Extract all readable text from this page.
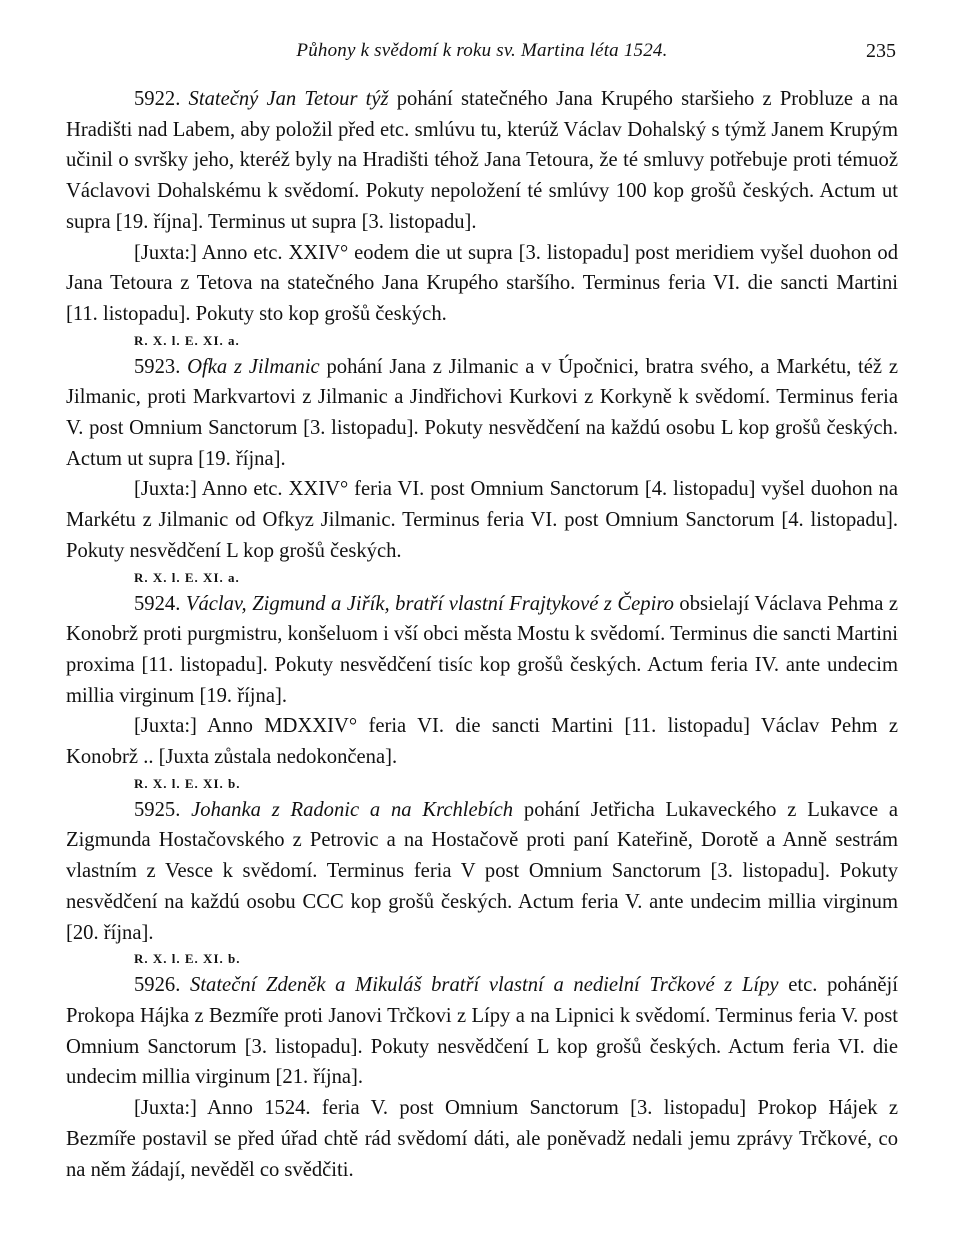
Půhony k svědomí k roku sv. Martina léta 1524.	235

5922. Statečný Jan Tetour týž pohání statečného Jana Krupého staršieho z Probluze a na Hradišti nad Labem, aby položil před etc. smlúvu tu, kterúž Václav Dohalský s týmž Janem Krupým učinil o svršky jeho, kteréž byly na Hradišti téhož Jana Tetoura, že té smluvy potřebuje proti témuož Václavovi Dohalskému k svědomí. Pokuty nepoložení té smlúvy 100 kop grošů českých. Actum ut supra [19. října]. Terminus ut supra [3. listopadu].

[Juxta:] Anno etc. XXIV° eodem die ut supra [3. listopadu] post meridiem vyšel duohon od Jana Tetoura z Tetova na statečného Jana Krupého staršího. Terminus feria VI. die sancti Martini [11. listopadu]. Pokuty sto kop grošů českých.

R. X. l. E. XI. a.

5923. Ofka z Jilmanic pohání Jana z Jilmanic a v Úpočnici, bratra svého, a Markétu, též z Jilmanic, proti Markvartovi z Jilmanic a Jindřichovi Kurkovi z Korkyně k svědomí. Terminus feria V. post Omnium Sanctorum [3. listopadu]. Pokuty nesvědčení na každú osobu L kop grošů českých. Actum ut supra [19. října].

[Juxta:] Anno etc. XXIV° feria VI. post Omnium Sanctorum [4. listopadu] vyšel duohon na Markétu z Jilmanic od Ofkyz Jilmanic. Terminus feria VI. post Omnium Sanctorum [4. listopadu]. Pokuty nesvědčení L kop grošů českých.

R. X. l. E. XI. a.

5924. Václav, Zigmund a Jiřík, bratří vlastní Frajtykové z Čepiro obsielají Václava Pehma z Konobrž proti purgmistru, konšeluom i vší obci města Mostu k svědomí. Terminus die sancti Martini proxima [11. listopadu]. Pokuty nesvědčení tisíc kop grošů českých. Actum feria IV. ante undecim millia virginum [19. října].

[Juxta:] Anno MDXXIV° feria VI. die sancti Martini [11. listopadu] Václav Pehm z Konobrž .. [Juxta zůstala nedokončena].

R. X. l. E. XI. b.

5925. Johanka z Radonic a na Krchlebích pohání Jetřicha Lukaveckého z Lukavce a Zigmunda Hostačovského z Petrovic a na Hostačově proti paní Kateřině, Dorotě a Anně sestrám vlastním z Vesce k svědomí. Terminus feria V post Omnium Sanctorum [3. listopadu]. Pokuty nesvědčení na každú osobu CCC kop grošů českých. Actum feria V. ante undecim millia virginum [20. října].

R. X. l. E. XI. b.

5926. Stateční Zdeněk a Mikuláš bratří vlastní a nedielní Trčkové z Lípy etc. pohánějí Prokopa Hájka z Bezmíře proti Janovi Trčkovi z Lípy a na Lipnici k svědomí. Terminus feria V. post Omnium Sanctorum [3. listopadu]. Pokuty nesvědčení L kop grošů českých. Actum feria VI. die undecim millia virginum [21. října].

[Juxta:] Anno 1524. feria V. post Omnium Sanctorum [3. listopadu] Prokop Hájek z Bezmíře postavil se před úřad chtě rád svědomí dáti, ale poněvadž nedali jemu zprávy Trčkové, co na něm žádají, nevěděl co svědčiti.
